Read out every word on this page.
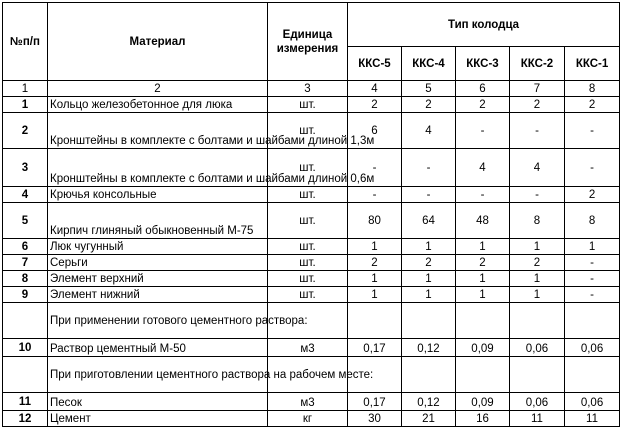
№п/п	Материал	Единица
измерения	Тип колодца				
			ККС-5	ККС-4	ККС-3	ККС-2	ККС-1
1	2	3	4	5	6	7	8
1	Кольцо железобетонное для люка	шт.	2	2	2	2	2
2	Кронштейны в комплекте с болтами и шайбами длиной 1,3м	шт.	6	4	-	-	-
3	Кронштейны в комплекте с болтами и шайбами длиной 0,6м	шт.	-	-	4	4	-
4	Крючья консольные	шт.	-	-	-	-	2
5	Кирпич глиняный обыкновенный М-75	шт.	80	64	48	8	8
6	Люк чугунный	шт.	1	1	1	1	1
7	Серьги	шт.	2	2	2	2	-
8	Элемент верхний	шт.	1	1	1	1	-
9	Элемент нижний	шт.	1	1	1	1	-
	При применении готового цементного раствора:						
10	Раствор цементный М-50	м3	0,17	0,12	0,09	0,06	0,06
	При приготовлении цементного раствора на рабочем месте:						
11	Песок	м3	0,17	0,12	0,09	0,06	0,06
12	Цемент	кг	30	21	16	11	11
